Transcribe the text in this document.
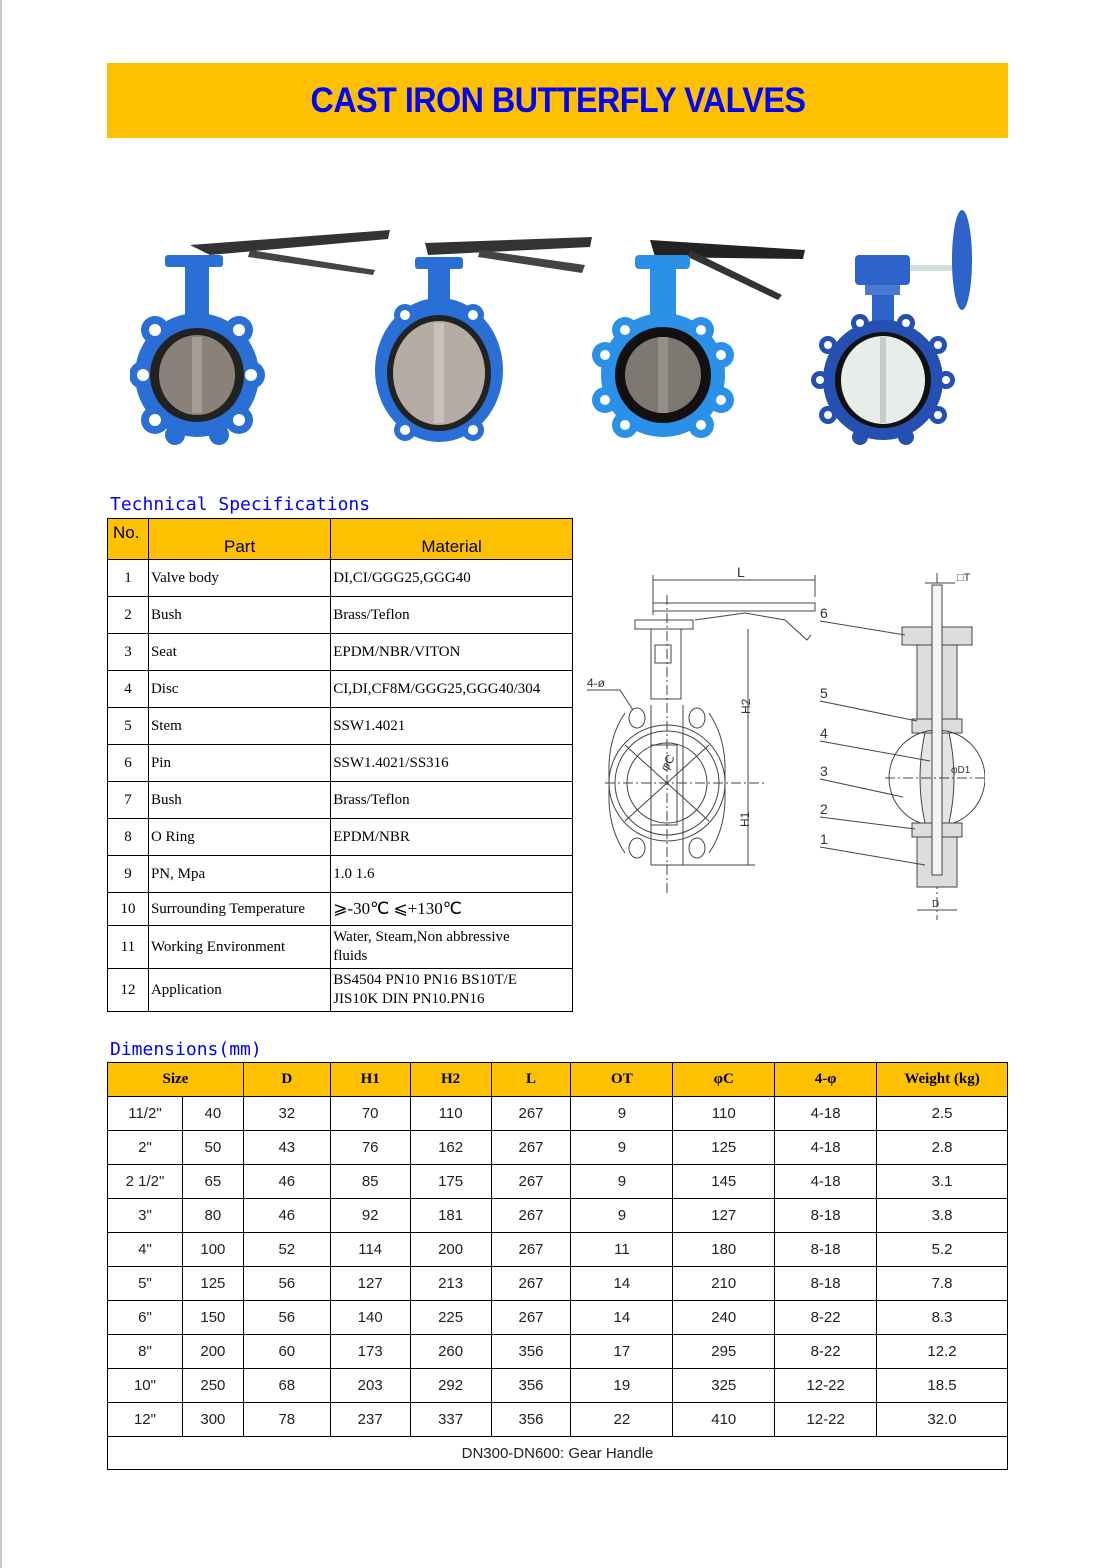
CAST IRON BUTTERFLY VALVES
Technical Specifications
No.	Part	Material
1	Valve body	DI,CI/GGG25,GGG40
2	Bush	Brass/Teflon
3	Seat	EPDM/NBR/VITON
4	Disc	CI,DI,CF8M/GGG25,GGG40/304
5	Stem	SSW1.4021
6	Pin	SSW1.4021/SS316
7	Bush	Brass/Teflon
8	O Ring	EPDM/NBR
9	PN, Mpa	1.0 1.6
10	Surrounding Temperature	⩾-30℃ ⩽+130℃
11	Working Environment	Water, Steam,Non abbressive
fluids

12	Application	BS4504 PN10 PN16 BS10T/E
JIS10K DIN PN10.PN16
L
4-ø
φC
H2
H1
□T
φD1
D
6
5
4
3
2
1
Dimensions(mm)
Size		D	H1	H2	L	OT	φC	4-φ	Weight (kg)
11/2"	40	32	70	110	267	9	110	4-18	2.5
2"	50	43	76	162	267	9	125	4-18	2.8
2 1/2"	65	46	85	175	267	9	145	4-18	3.1
3"	80	46	92	181	267	9	127	8-18	3.8
4"	100	52	114	200	267	11	180	8-18	5.2
5"	125	56	127	213	267	14	210	8-18	7.8
6"	150	56	140	225	267	14	240	8-22	8.3
8"	200	60	173	260	356	17	295	8-22	12.2
10"	250	68	203	292	356	19	325	12-22	18.5
12"	300	78	237	337	356	22	410	12-22	32.0
DN300-DN600: Gear Handle									
